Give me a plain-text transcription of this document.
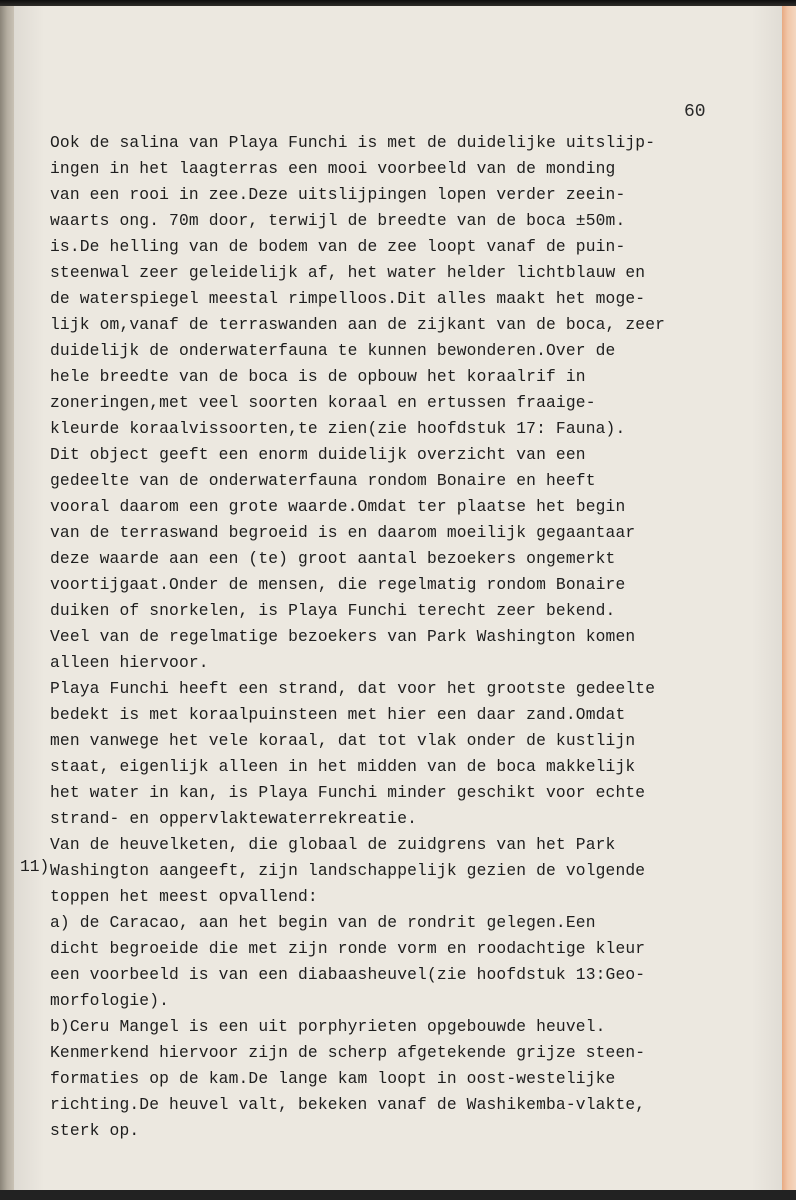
60
11)
Ook de salina van Playa Funchi is met de duidelijke uitslijp-
ingen in het laagterras een mooi voorbeeld van de monding
van een rooi in zee.Deze uitslijpingen lopen verder zeein-
waarts ong. 70m door, terwijl de breedte van de boca ±50m.
is.De helling van de bodem van de zee loopt vanaf de puin-
steenwal zeer geleidelijk af, het water helder lichtblauw en
de waterspiegel meestal rimpelloos.Dit alles maakt het moge-
lijk om,vanaf de terraswanden aan de zijkant van de boca, zeer
duidelijk de onderwaterfauna te kunnen bewonderen.Over de
hele breedte van de boca is de opbouw het koraalrif in
zoneringen,met veel soorten koraal en ertussen fraaige-
kleurde koraalvissoorten,te zien(zie hoofdstuk 17: Fauna).
Dit object geeft een enorm duidelijk overzicht van een
gedeelte van de onderwaterfauna rondom Bonaire en heeft
vooral daarom een grote waarde.Omdat ter plaatse het begin
van de terraswand begroeid is en daarom moeilijk gegaantaar
deze waarde aan een (te) groot aantal bezoekers ongemerkt
voortijgaat.Onder de mensen, die regelmatig rondom Bonaire
duiken of snorkelen, is Playa Funchi terecht zeer bekend.
Veel van de regelmatige bezoekers van Park Washington komen
alleen hiervoor.
Playa Funchi heeft een strand, dat voor het grootste gedeelte
bedekt is met koraalpuinsteen met hier een daar zand.Omdat
men vanwege het vele koraal, dat tot vlak onder de kustlijn
staat, eigenlijk alleen in het midden van de boca makkelijk
het water in kan, is Playa Funchi minder geschikt voor echte
strand- en oppervlaktewaterrekreatie.
Van de heuvelketen, die globaal de zuidgrens van het Park
Washington aangeeft, zijn landschappelijk gezien de volgende
toppen het meest opvallend:
a) de Caracao, aan het begin van de rondrit gelegen.Een
dicht begroeide die met zijn ronde vorm en roodachtige kleur
een voorbeeld is van een diabaasheuvel(zie hoofdstuk 13:Geo-
morfologie).
b)Ceru Mangel is een uit porphyrieten opgebouwde heuvel.
Kenmerkend hiervoor zijn de scherp afgetekende grijze steen-
formaties op de kam.De lange kam loopt in oost-westelijke
richting.De heuvel valt, bekeken vanaf de Washikemba-vlakte,
sterk op.
